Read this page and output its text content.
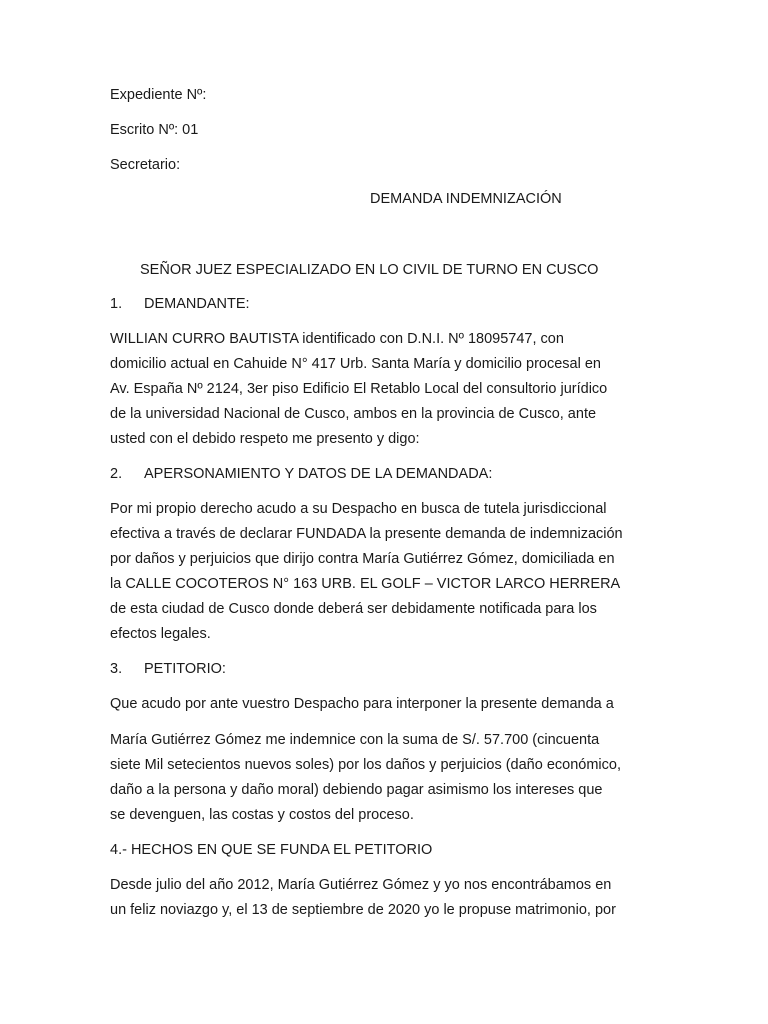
Expediente Nº:
Escrito Nº: 01
Secretario:
DEMANDA INDEMNIZACIÓN
SEÑOR JUEZ ESPECIALIZADO EN LO CIVIL DE TURNO EN CUSCO
1. DEMANDANTE:
WILLIAN CURRO BAUTISTA identificado con D.N.I. Nº 18095747, con
domicilio actual en Cahuide N° 417 Urb. Santa María y domicilio procesal en
Av. España Nº 2124, 3er piso Edificio El Retablo Local del consultorio jurídico
de la universidad Nacional de Cusco, ambos en la provincia de Cusco, ante
usted con el debido respeto me presento y digo:
2. APERSONAMIENTO Y DATOS DE LA DEMANDADA:
Por mi propio derecho acudo a su Despacho en busca de tutela jurisdiccional
efectiva a través de declarar FUNDADA la presente demanda de indemnización
por daños y perjuicios que dirijo contra María Gutiérrez Gómez, domiciliada en
la CALLE COCOTEROS N° 163 URB. EL GOLF – VICTOR LARCO HERRERA
de esta ciudad de Cusco donde deberá ser debidamente notificada para los
efectos legales.
3. PETITORIO:
Que acudo por ante vuestro Despacho para interponer la presente demanda a
María Gutiérrez Gómez me indemnice con la suma de S/. 57.700 (cincuenta
siete Mil setecientos nuevos soles) por los daños y perjuicios (daño económico,
daño a la persona y daño moral) debiendo pagar asimismo los intereses que
se devenguen, las costas y costos del proceso.
4.- HECHOS EN QUE SE FUNDA EL PETITORIO
Desde julio del año 2012, María Gutiérrez Gómez y yo nos encontrábamos en
un feliz noviazgo y, el 13 de septiembre de 2020 yo le propuse matrimonio, por
